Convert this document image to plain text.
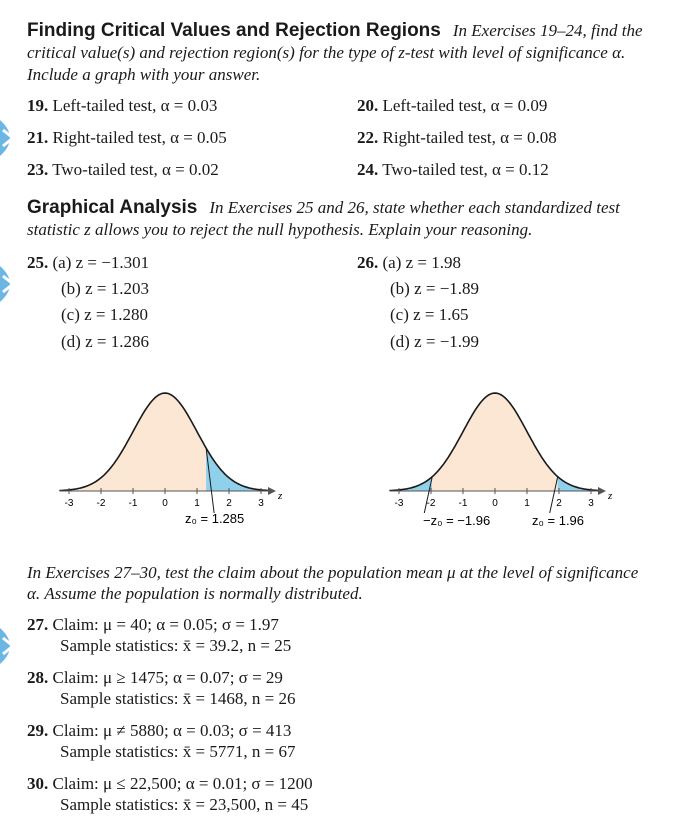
Finding Critical Values and Rejection Regions In Exercises 19–24, find the critical value(s) and rejection region(s) for the type of z-test with level of significance α. Include a graph with your answer.
19. Left-tailed test, α = 0.03	20. Left-tailed test, α = 0.09
21. Right-tailed test, α = 0.05	22. Right-tailed test, α = 0.08
23. Two-tailed test, α = 0.02	24. Two-tailed test, α = 0.12
Graphical Analysis In Exercises 25 and 26, state whether each standardized test statistic z allows you to reject the null hypothesis. Explain your reasoning.
25. (a) z = −1.301
(b) z = 1.203
(c) z = 1.280
(d) z = 1.286
26. (a) z = 1.98
(b) z = −1.89
(c) z = 1.65
(d) z = −1.99
z
-3 -2 -1 0	1	2	3
z₀ = 1.285
z
-3 -2 -1 0	1	2	3
−z₀ = −1.96	z₀ = 1.96
In Exercises 27–30, test the claim about the population mean μ at the level of significance α. Assume the population is normally distributed.
27. Claim: μ = 40; α = 0.05; σ = 1.97
Sample statistics: x̄ = 39.2, n = 25
28. Claim: μ ≥ 1475; α = 0.07; σ = 29
Sample statistics: x̄ = 1468, n = 26
29. Claim: μ ≠ 5880; α = 0.03; σ = 413
Sample statistics: x̄ = 5771, n = 67
30. Claim: μ ≤ 22,500; α = 0.01; σ = 1200
Sample statistics: x̄ = 23,500, n = 45
